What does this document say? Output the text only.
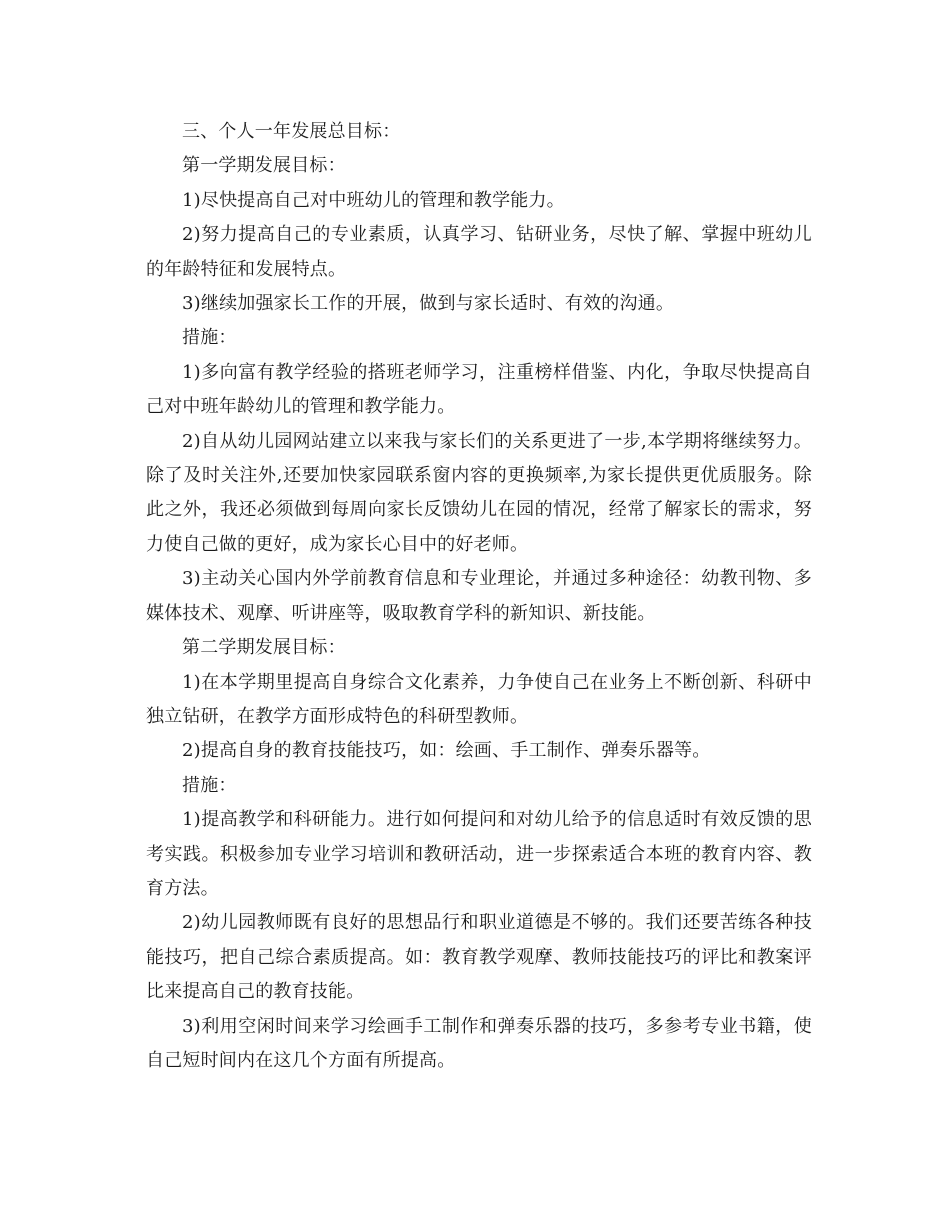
三、个人一年发展总目标：

第一学期发展目标：

1)尽快提高自己对中班幼儿的管理和教学能力。

2)努力提高自己的专业素质，认真学习、钻研业务，尽快了解、掌握中班幼儿的年龄特征和发展特点。

3)继续加强家长工作的开展，做到与家长适时、有效的沟通。

措施：

1)多向富有教学经验的搭班老师学习，注重榜样借鉴、内化，争取尽快提高自己对中班年龄幼儿的管理和教学能力。

2)自从幼儿园网站建立以来我与家长们的关系更进了一步,本学期将继续努力。除了及时关注外,还要加快家园联系窗内容的更换频率,为家长提供更优质服务。除此之外，我还必须做到每周向家长反馈幼儿在园的情况，经常了解家长的需求，努力使自己做的更好，成为家长心目中的好老师。

3)主动关心国内外学前教育信息和专业理论，并通过多种途径：幼教刊物、多媒体技术、观摩、听讲座等，吸取教育学科的新知识、新技能。

第二学期发展目标：

1)在本学期里提高自身综合文化素养，力争使自己在业务上不断创新、科研中独立钻研，在教学方面形成特色的科研型教师。

2)提高自身的教育技能技巧，如：绘画、手工制作、弹奏乐器等。

措施：

1)提高教学和科研能力。进行如何提问和对幼儿给予的信息适时有效反馈的思考实践。积极参加专业学习培训和教研活动，进一步探索适合本班的教育内容、教育方法。

2)幼儿园教师既有良好的思想品行和职业道德是不够的。我们还要苦练各种技能技巧，把自己综合素质提高。如：教育教学观摩、教师技能技巧的评比和教案评比来提高自己的教育技能。

3)利用空闲时间来学习绘画手工制作和弹奏乐器的技巧，多参考专业书籍，使自己短时间内在这几个方面有所提高。
